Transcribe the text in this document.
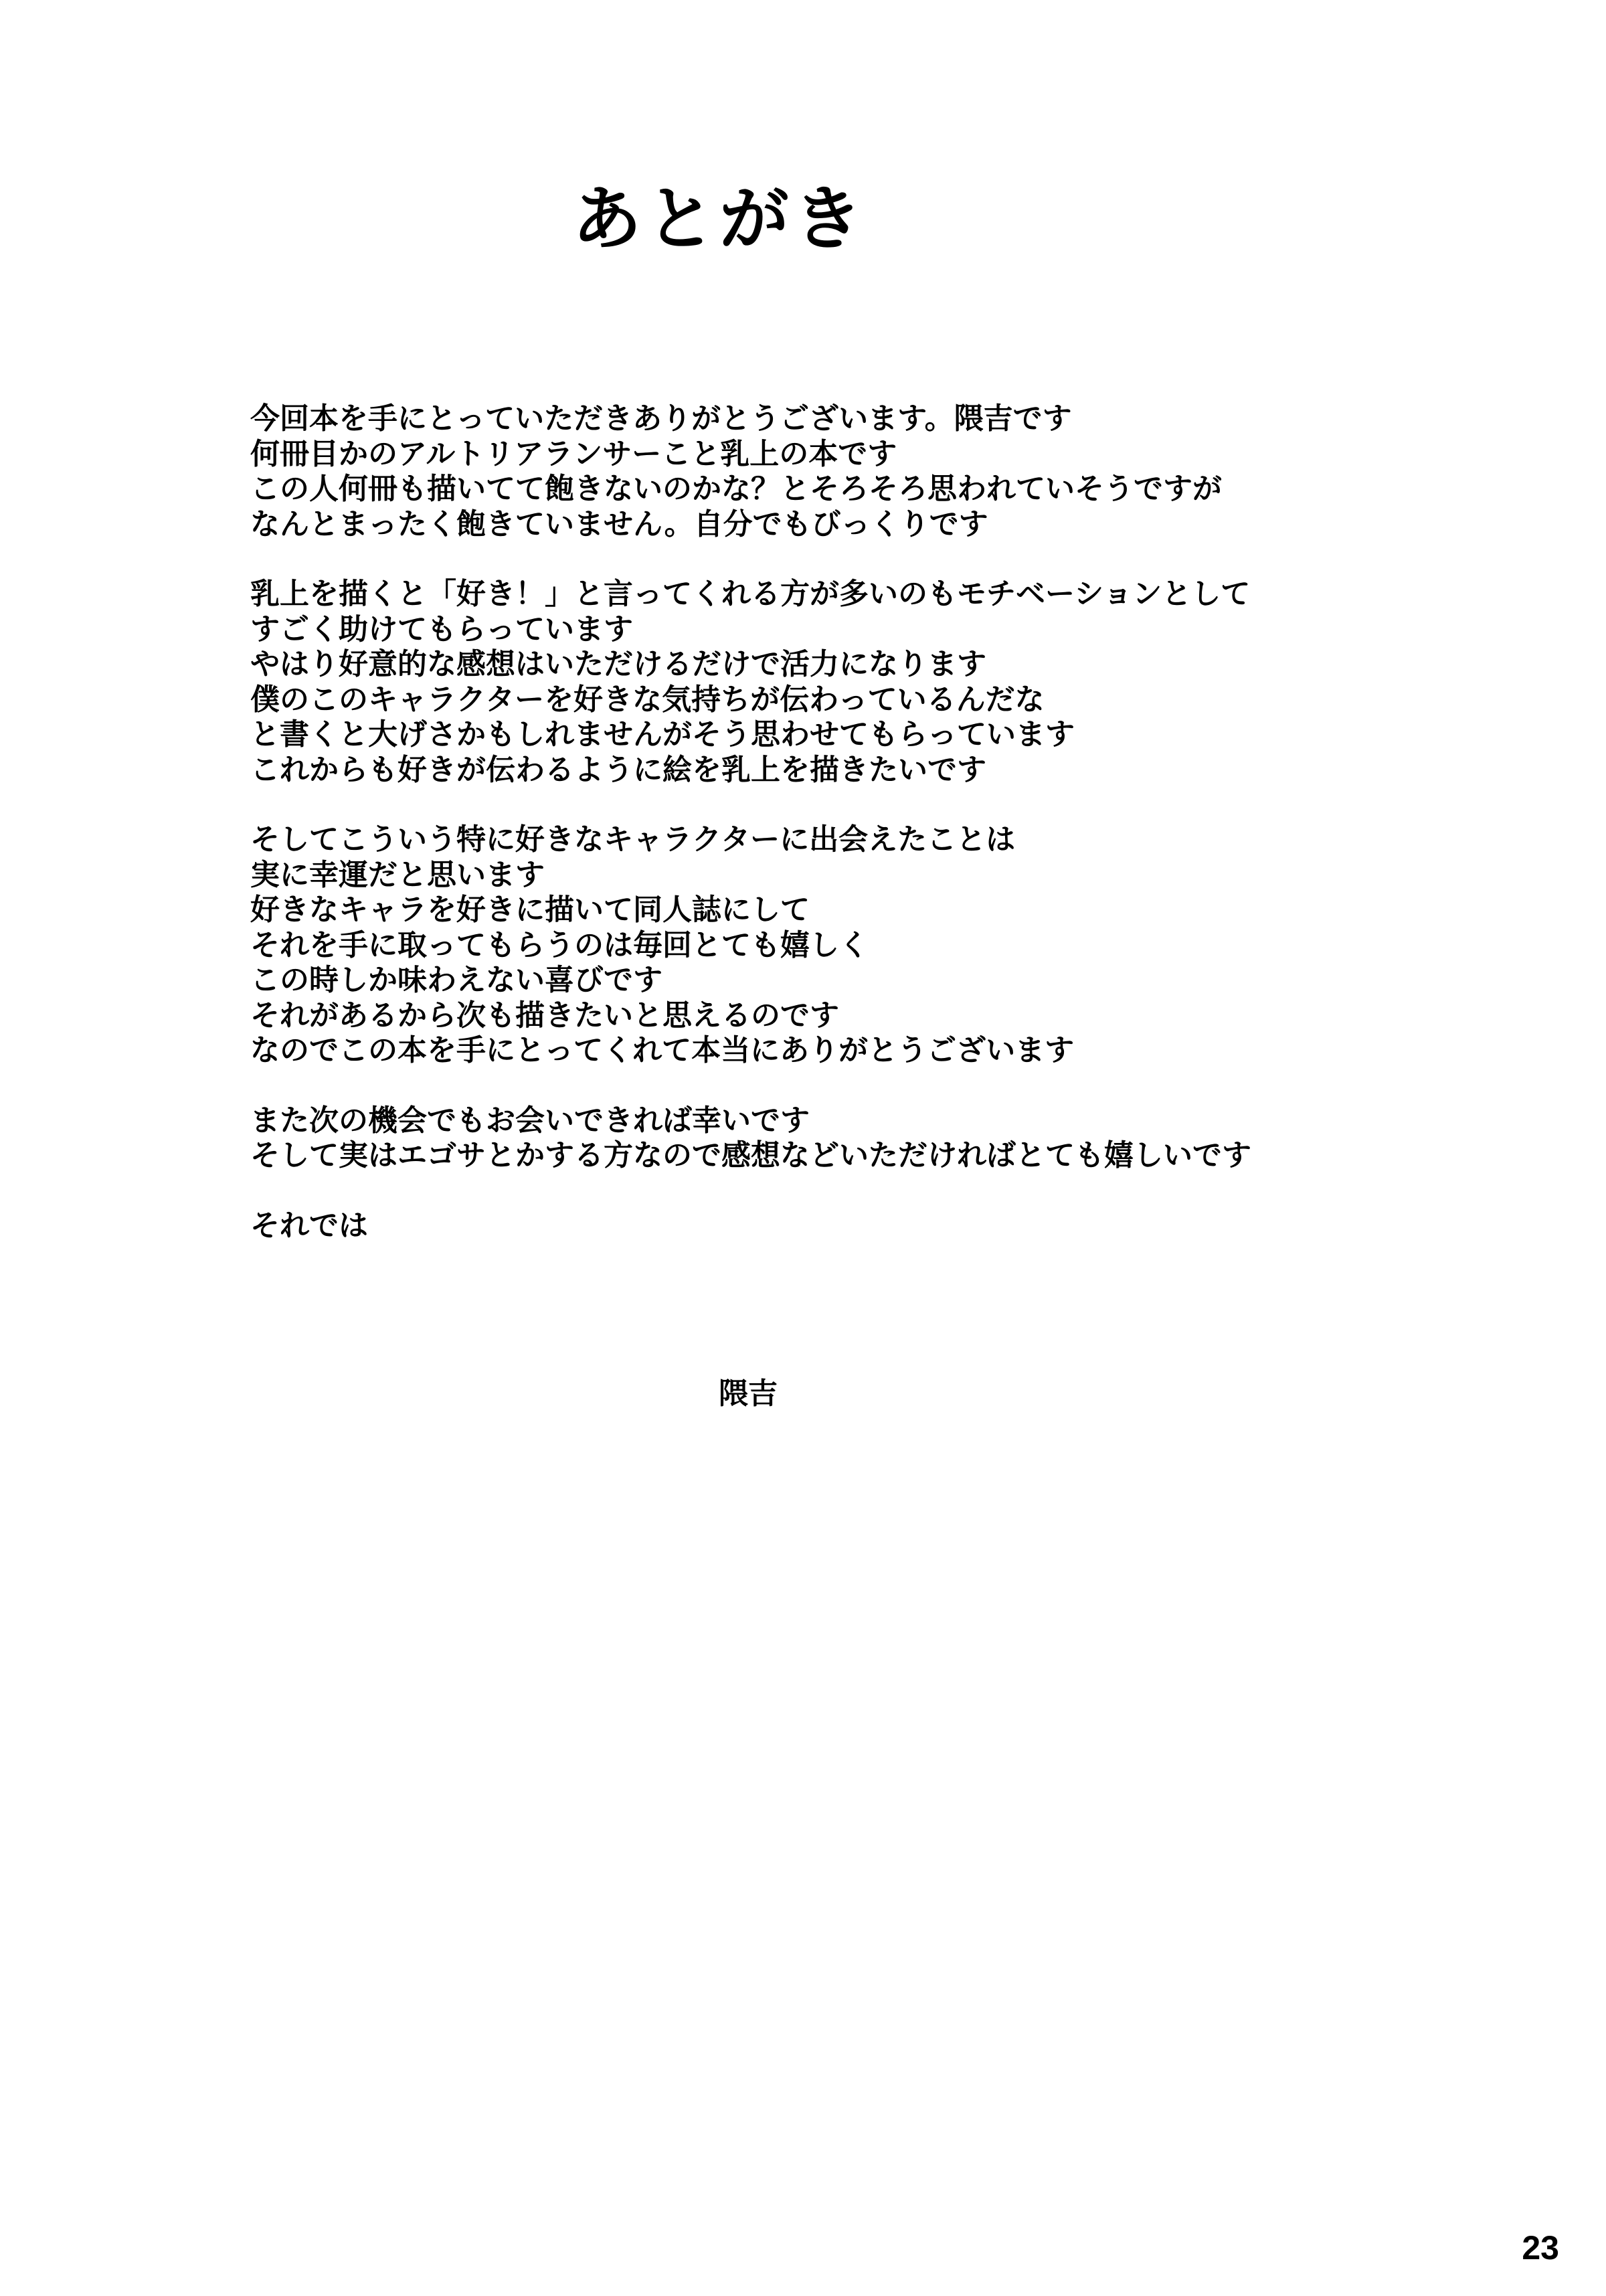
あとがき
今回本を手にとっていただきありがとうございます。隈吉です
何冊目かのアルトリアランサーこと乳上の本です
この人何冊も描いてて飽きないのかな？とそろそろ思われていそうですが
なんとまったく飽きていません。自分でもびっくりです
乳上を描くと「好き！」と言ってくれる方が多いのもモチベーションとして
すごく助けてもらっています
やはり好意的な感想はいただけるだけで活力になります
僕のこのキャラクターを好きな気持ちが伝わっているんだな
と書くと大げさかもしれませんがそう思わせてもらっています
これからも好きが伝わるように絵を乳上を描きたいです
そしてこういう特に好きなキャラクターに出会えたことは
実に幸運だと思います
好きなキャラを好きに描いて同人誌にして
それを手に取ってもらうのは毎回とても嬉しく
この時しか味わえない喜びです
それがあるから次も描きたいと思えるのです
なのでこの本を手にとってくれて本当にありがとうございます
また次の機会でもお会いできれば幸いです
そして実はエゴサとかする方なので感想などいただければとても嬉しいです
それでは
隈吉
23
